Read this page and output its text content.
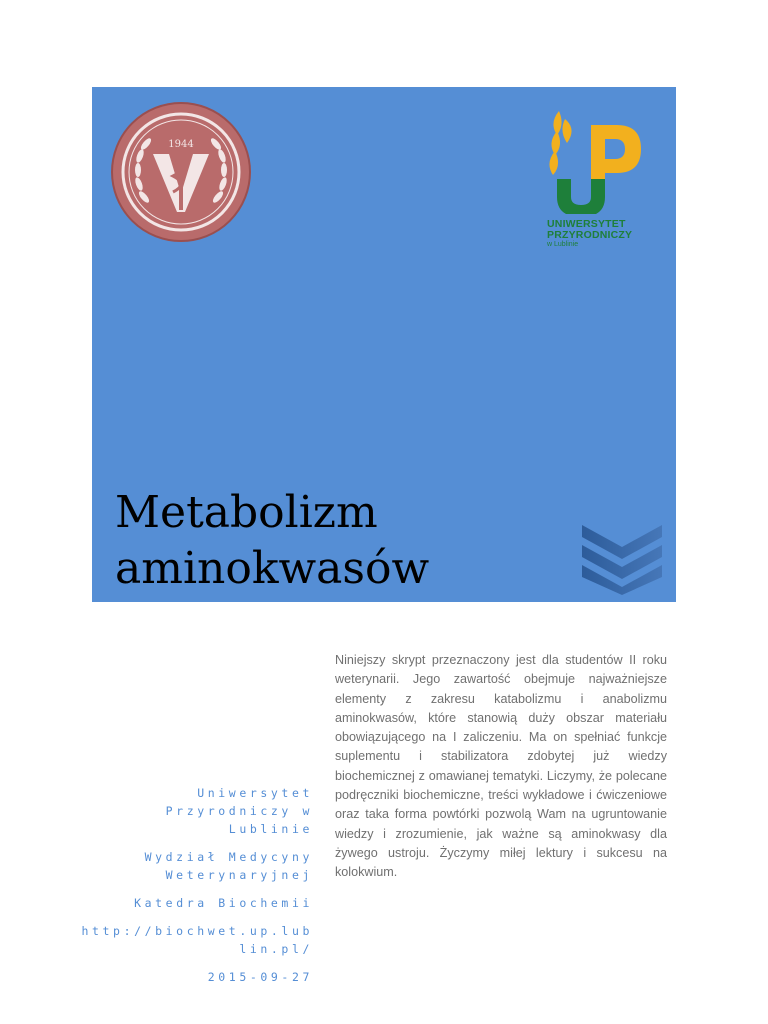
1944
UNIWERSYTET
PRZYRODNICZY
w Lublinie
Metabolizm
aminokwasów
Uniwersytet Przyrodniczy w Lublinie
Wydział Medycyny Weterynaryjnej
Katedra Biochemii
http://biochwet.up.lublin.pl/
2015-09-27

Niniejszy skrypt przeznaczony jest dla studentów II roku weterynarii. Jego zawartość obejmuje najważniejsze elementy z zakresu katabolizmu i anabolizmu aminokwasów, które stanowią duży obszar materiału obowiązującego na I zaliczeniu. Ma on spełniać funkcje suplementu i stabilizatora zdobytej już wiedzy biochemicznej z omawianej tematyki. Liczymy, że polecane podręczniki biochemiczne, treści wykładowe i ćwiczeniowe oraz taka forma powtórki pozwolą Wam na ugruntowanie wiedzy i zrozumienie, jak ważne są aminokwasy dla żywego ustroju. Życzymy miłej lektury i sukcesu na kolokwium.
